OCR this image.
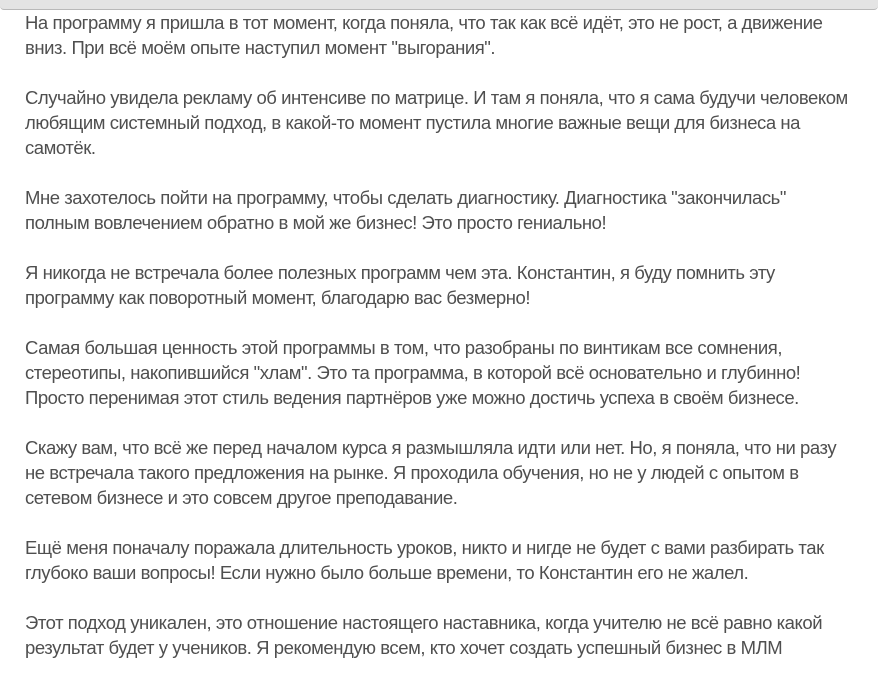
На программу я пришла в тот момент, когда поняла, что так как всё идёт, это не рост, а движение вниз. При всё моём опыте наступил момент "выгорания".

Случайно увидела рекламу об интенсиве по матрице. И там я поняла, что я сама будучи человеком любящим системный подход, в какой-то момент пустила многие важные вещи для бизнеса на самотёк.

Мне захотелось пойти на программу, чтобы сделать диагностику. Диагностика "закончилась" полным вовлечением обратно в мой же бизнес! Это просто гениально!

Я никогда не встречала более полезных программ чем эта. Константин, я буду помнить эту программу как поворотный момент, благодарю вас безмерно!

Самая большая ценность этой программы в том, что разобраны по винтикам все сомнения, стереотипы, накопившийся "хлам". Это та программа, в которой всё основательно и глубинно! Просто перенимая этот стиль ведения партнёров уже можно достичь успеха в своём бизнесе.

Скажу вам, что всё же перед началом курса я размышляла идти или нет. Но, я поняла, что ни разу не встречала такого предложения на рынке. Я проходила обучения, но не у людей с опытом в сетевом бизнесе и это совсем другое преподавание.

Ещё меня поначалу поражала длительность уроков, никто и нигде не будет с вами разбирать так глубоко ваши вопросы! Если нужно было больше времени, то Константин его не жалел.

Этот подход уникален, это отношение настоящего наставника, когда учителю не всё равно какой результат будет у учеников. Я рекомендую всем, кто хочет создать успешный бизнес в МЛМ
